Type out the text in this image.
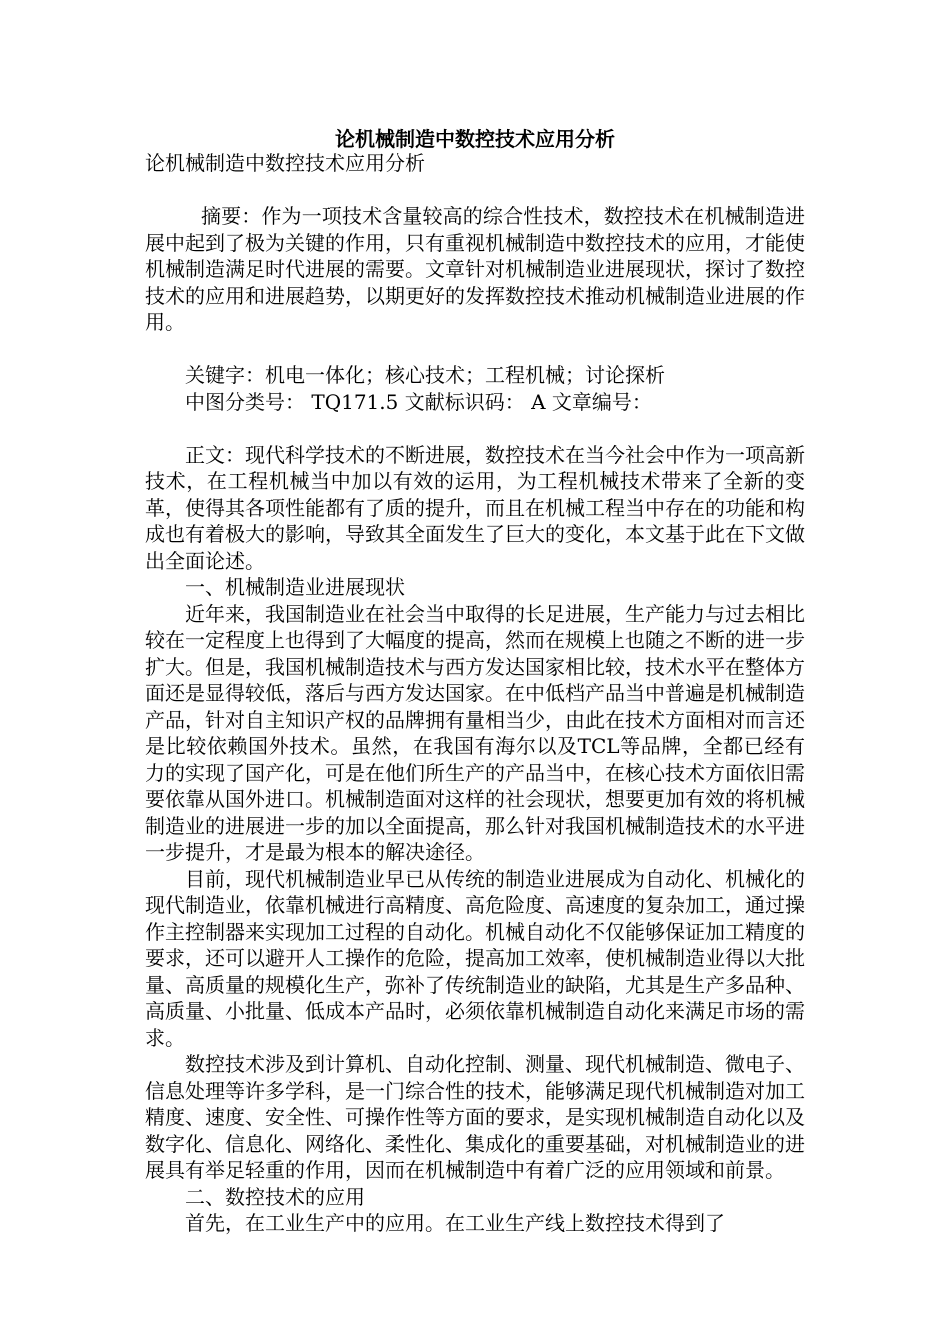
论机械制造中数控技术应用分析

论机械制造中数控技术应用分析

摘要：作为一项技术含量较高的综合性技术，数控技术在机械制造进展中起到了极为关键的作用，只有重视机械制造中数控技术的应用，才能使机械制造满足时代进展的需要。文章针对机械制造业进展现状，探讨了数控技术的应用和进展趋势，以期更好的发挥数控技术推动机械制造业进展的作用。

关键字：机电一体化；核心技术；工程机械；讨论探析

中图分类号： TQ171.5 文献标识码： A 文章编号：

正文：现代科学技术的不断进展，数控技术在当今社会中作为一项高新技术，在工程机械当中加以有效的运用，为工程机械技术带来了全新的变革，使得其各项性能都有了质的提升，而且在机械工程当中存在的功能和构成也有着极大的影响，导致其全面发生了巨大的变化，本文基于此在下文做出全面论述。

一、机械制造业进展现状

近年来，我国制造业在社会当中取得的长足进展，生产能力与过去相比较在一定程度上也得到了大幅度的提高，然而在规模上也随之不断的进一步扩大。但是，我国机械制造技术与西方发达国家相比较，技术水平在整体方面还是显得较低，落后与西方发达国家。在中低档产品当中普遍是机械制造产品，针对自主知识产权的品牌拥有量相当少，由此在技术方面相对而言还是比较依赖国外技术。虽然，在我国有海尔以及TCL等品牌，全都已经有力的实现了国产化，可是在他们所生产的产品当中，在核心技术方面依旧需要依靠从国外进口。机械制造面对这样的社会现状，想要更加有效的将机械制造业的进展进一步的加以全面提高，那么针对我国机械制造技术的水平进一步提升，才是最为根本的解决途径。

目前，现代机械制造业早已从传统的制造业进展成为自动化、机械化的现代制造业，依靠机械进行高精度、高危险度、高速度的复杂加工，通过操作主控制器来实现加工过程的自动化。机械自动化不仅能够保证加工精度的要求，还可以避开人工操作的危险，提高加工效率，使机械制造业得以大批量、高质量的规模化生产，弥补了传统制造业的缺陷，尤其是生产多品种、高质量、小批量、低成本产品时，必须依靠机械制造自动化来满足市场的需求。

数控技术涉及到计算机、自动化控制、测量、现代机械制造、微电子、信息处理等许多学科，是一门综合性的技术，能够满足现代机械制造对加工精度、速度、安全性、可操作性等方面的要求，是实现机械制造自动化以及数字化、信息化、网络化、柔性化、集成化的重要基础，对机械制造业的进展具有举足轻重的作用，因而在机械制造中有着广泛的应用领域和前景。

二、数控技术的应用

首先，在工业生产中的应用。在工业生产线上数控技术得到了
